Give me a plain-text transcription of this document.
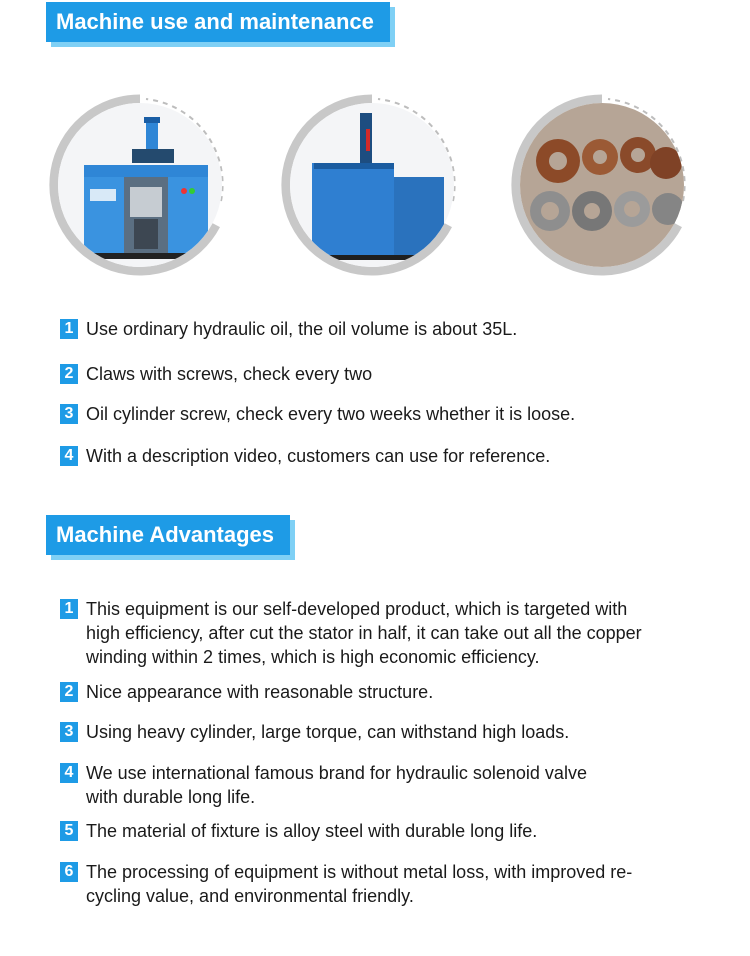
Machine use and maintenance
1 Use ordinary hydraulic oil, the oil volume is about 35L.
2 Claws with screws, check every two
3 Oil cylinder screw, check every two weeks whether it is loose.
4 With a description video, customers can use for reference.
Machine Advantages
1 This equipment is our self-developed product, which is targeted with high efficiency, after cut the stator in half, it can take out all the copper winding within 2 times, which is high economic efficiency.
2 Nice appearance with reasonable structure.
3 Using heavy cylinder, large torque, can withstand high loads.
4 We use international famous brand for hydraulic solenoid valve with durable long life.
5 The material of fixture is alloy steel with durable long life.
6 The processing of equipment is without metal loss, with improved re-cycling value, and environmental friendly.
